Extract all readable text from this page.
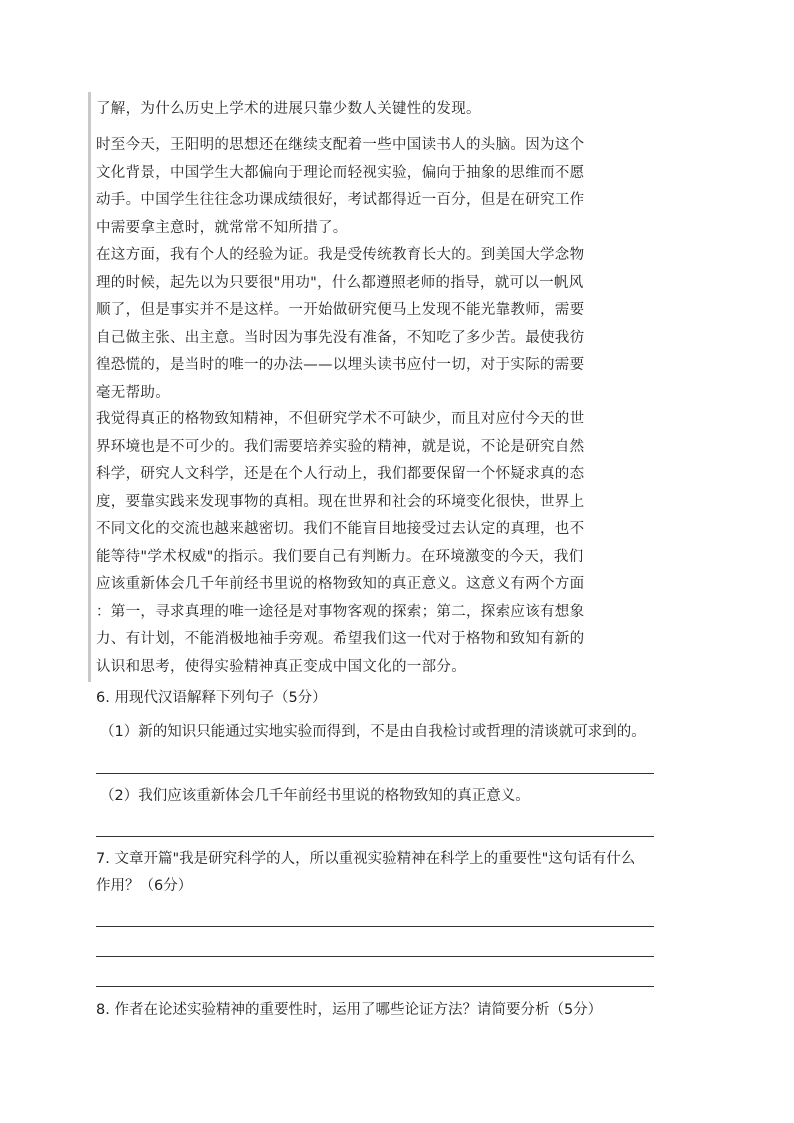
了解，为什么历史上学术的进展只靠少数人关键性的发现。

时至今天，王阳明的思想还在继续支配着一些中国读书人的头脑。因为这个
文化背景，中国学生大都偏向于理论而轻视实验，偏向于抽象的思维而不愿
动手。中国学生往往念功课成绩很好，考试都得近一百分，但是在研究工作
中需要拿主意时，就常常不知所措了。

在这方面，我有个人的经验为证。我是受传统教育长大的。到美国大学念物
理的时候，起先以为只要很"用功"，什么都遵照老师的指导，就可以一帆风
顺了，但是事实并不是这样。一开始做研究便马上发现不能光靠教师，需要
自己做主张、出主意。当时因为事先没有准备，不知吃了多少苦。最使我彷
徨恐慌的，是当时的唯一的办法——以埋头读书应付一切，对于实际的需要
毫无帮助。

我觉得真正的格物致知精神，不但研究学术不可缺少，而且对应付今天的世
界环境也是不可少的。我们需要培养实验的精神，就是说，不论是研究自然
科学，研究人文科学，还是在个人行动上，我们都要保留一个怀疑求真的态
度，要靠实践来发现事物的真相。现在世界和社会的环境变化很快，世界上
不同文化的交流也越来越密切。我们不能盲目地接受过去认定的真理，也不
能等待"学术权威"的指示。我们要自己有判断力。在环境激变的今天，我们
应该重新体会几千年前经书里说的格物致知的真正意义。这意义有两个方面
：第一，寻求真理的唯一途径是对事物客观的探索；第二，探索应该有想象
力、有计划，不能消极地袖手旁观。希望我们这一代对于格物和致知有新的
认识和思考，使得实验精神真正变成中国文化的一部分。

6. 用现代汉语解释下列句子（5分）

（1）新的知识只能通过实地实验而得到，不是由自我检讨或哲理的清谈就可求到的。

（2）我们应该重新体会几千年前经书里说的格物致知的真正意义。

7. 文章开篇"我是研究科学的人，所以重视实验精神在科学上的重要性"这句话有什么
作用？（6分）

8. 作者在论述实验精神的重要性时，运用了哪些论证方法？请简要分析（5分）
